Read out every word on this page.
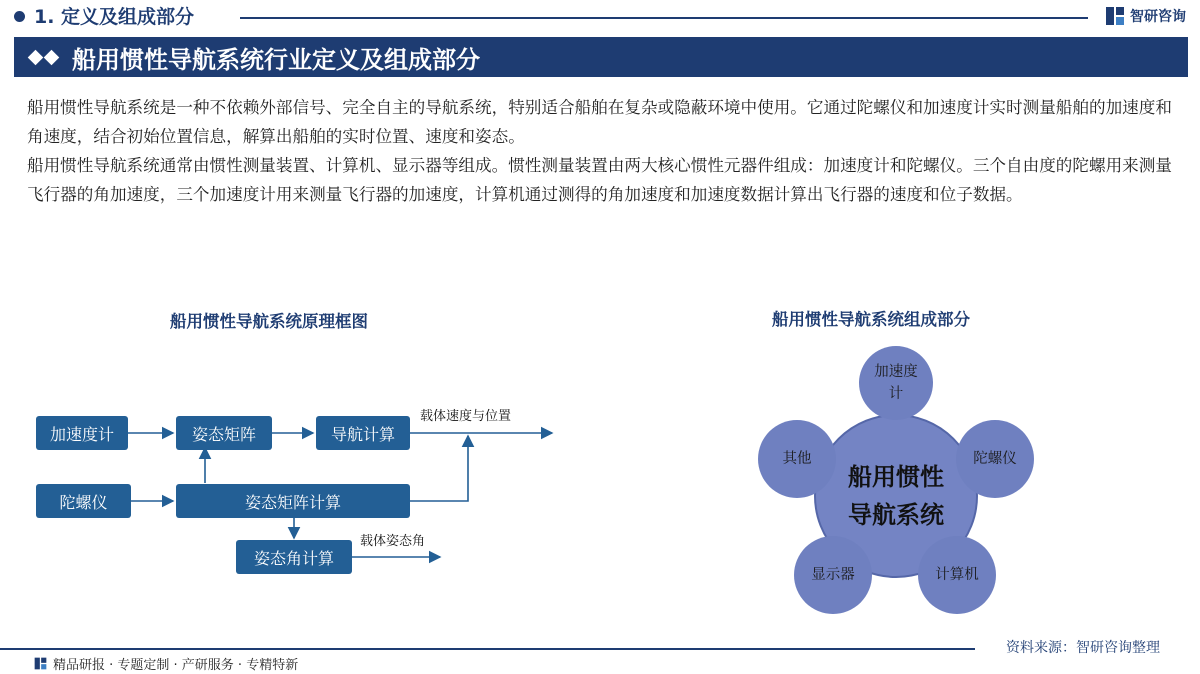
1. 定义及组成部分	智研咨询
船用惯性导航系统行业定义及组成部分

船用惯性导航系统是一种不依赖外部信号、完全自主的导航系统，特别适合船舶在复杂或隐蔽环境中使用。它通过陀螺仪和加速度计实时测量船舶的加速度和角速度，结合初始位置信息，解算出船舶的实时位置、速度和姿态。

船用惯性导航系统通常由惯性测量装置、计算机、显示器等组成。惯性测量装置由两大核心惯性元器件组成：加速度计和陀螺仪。三个自由度的陀螺用来测量飞行器的角加速度，三个加速度计用来测量飞行器的加速度，计算机通过测得的角加速度和加速度数据计算出飞行器的速度和位子数据。

船用惯性导航系统原理框图
加速度计	姿态矩阵	导航计算
载体速度与位置
陀螺仪	姿态矩阵计算
姿态角计算
载体姿态角
船用惯性导航系统组成部分
船用惯性
导航系统
加速度
计
陀螺仪
计算机
显示器
其他
资料来源：智研咨询整理
精品研报 · 专题定制 · 产研服务 · 专精特新
